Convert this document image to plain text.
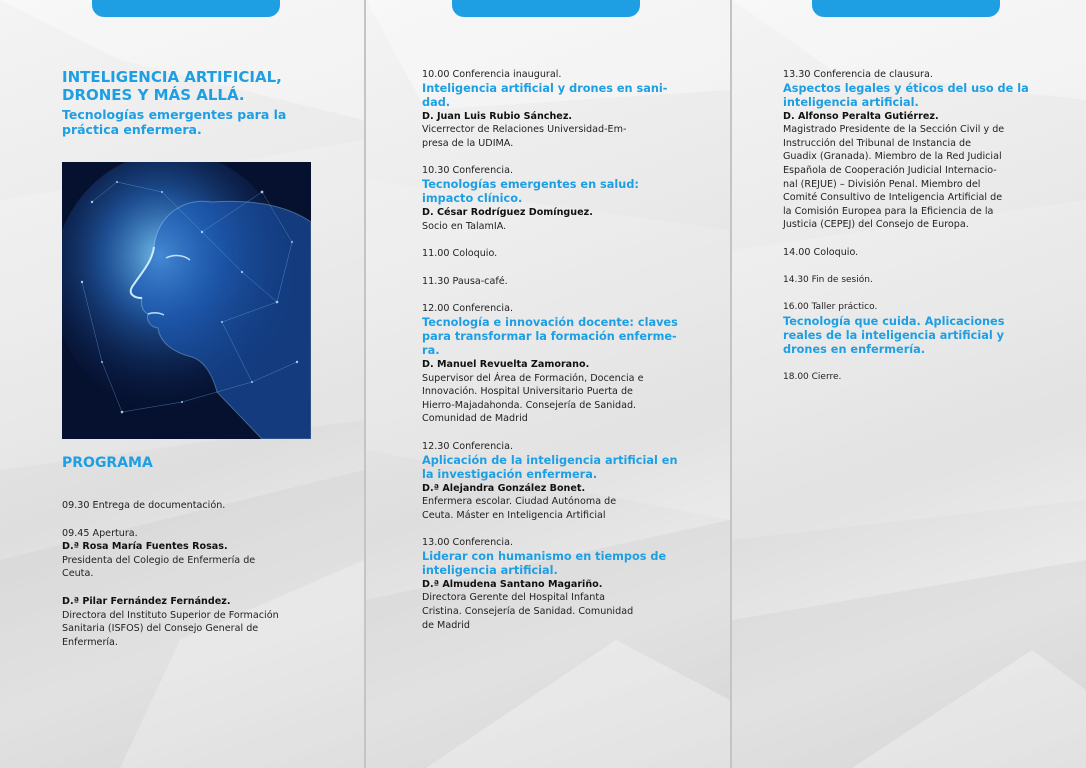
INTELIGENCIA ARTIFICIAL,

DRONES Y MÁS ALLÁ.

Tecnologías emergentes para la

práctica enfermera.

PROGRAMA

09.30 Entrega de documentación.
09.45 Apertura.
D.ª Rosa María Fuentes Rosas.
Presidenta del Colegio de Enfermería de
Ceuta.
D.ª Pilar Fernández Fernández.
Directora del Instituto Superior de Formación
Sanitaria (ISFOS) del Consejo General de
Enfermería.
10.00 Conferencia inaugural.
Inteligencia artificial y drones en sani-
dad.
D. Juan Luis Rubio Sánchez.
Vicerrector de Relaciones Universidad-Em-
presa de la UDIMA.
10.30 Conferencia.
Tecnologías emergentes en salud:
impacto clínico.
D. César Rodríguez Domínguez.
Socio en TalamIA.
11.00 Coloquio.
11.30 Pausa-café.
12.00 Conferencia.
Tecnología e innovación docente: claves
para transformar la formación enferme-
ra.
D. Manuel Revuelta Zamorano.
Supervisor del Área de Formación, Docencia e
Innovación. Hospital Universitario Puerta de
Hierro-Majadahonda. Consejería de Sanidad.
Comunidad de Madrid
12.30 Conferencia.
Aplicación de la inteligencia artificial en
la investigación enfermera.
D.ª Alejandra González Bonet.
Enfermera escolar. Ciudad Autónoma de
Ceuta. Máster en Inteligencia Artificial
13.00 Conferencia.
Liderar con humanismo en tiempos de
inteligencia artificial.
D.ª Almudena Santano Magariño.
Directora Gerente del Hospital Infanta
Cristina. Consejería de Sanidad. Comunidad
de Madrid
13.30 Conferencia de clausura.
Aspectos legales y éticos del uso de la
inteligencia artificial.
D. Alfonso Peralta Gutiérrez.
Magistrado Presidente de la Sección Civil y de
Instrucción del Tribunal de Instancia de
Guadix (Granada). Miembro de la Red Judicial
Española de Cooperación Judicial Internacio-
nal (REJUE) – División Penal. Miembro del
Comité Consultivo de Inteligencia Artificial de
la Comisión Europea para la Eficiencia de la
Justicia (CEPEJ) del Consejo de Europa.
14.00 Coloquio.
14.30 Fin de sesión.
16.00 Taller práctico.
Tecnología que cuida. Aplicaciones
reales de la inteligencia artificial y
drones en enfermería.
18.00 Cierre.
